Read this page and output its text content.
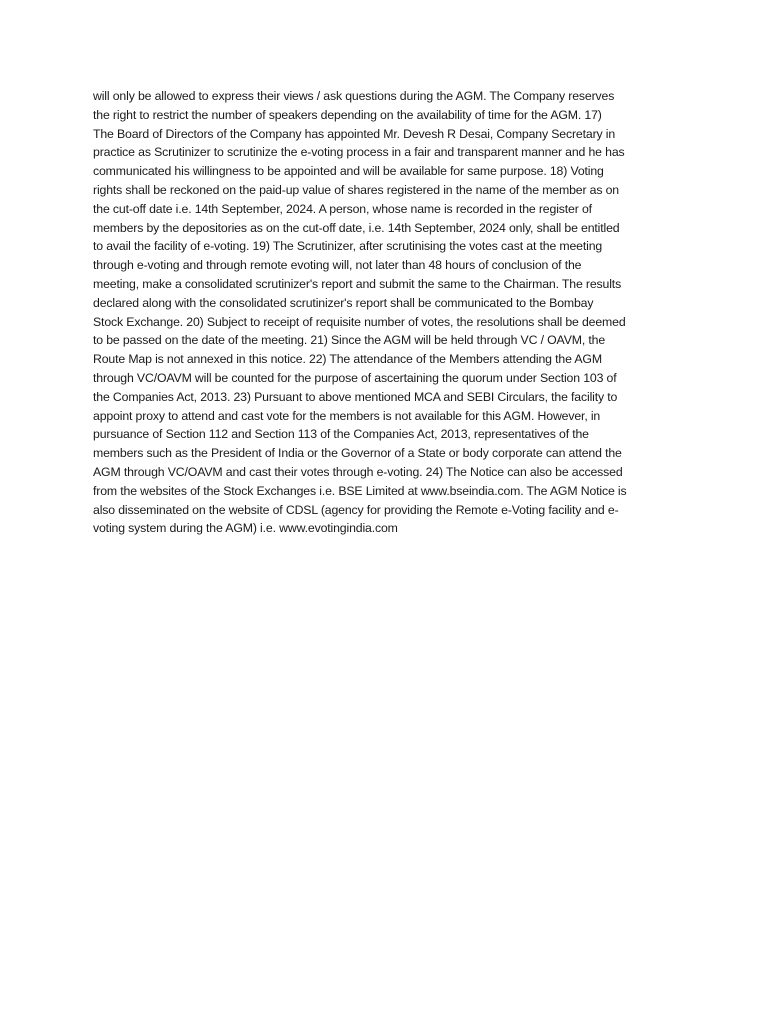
will only be allowed to express their views / ask questions during the AGM. The Company reserves
the right to restrict the number of speakers depending on the availability of time for the AGM. 17)
The Board of Directors of the Company has appointed Mr. Devesh R Desai, Company Secretary in
practice as Scrutinizer to scrutinize the e-voting process in a fair and transparent manner and he has
communicated his willingness to be appointed and will be available for same purpose. 18) Voting
rights shall be reckoned on the paid-up value of shares registered in the name of the member as on
the cut-off date i.e. 14th September, 2024. A person, whose name is recorded in the register of
members by the depositories as on the cut-off date, i.e. 14th September, 2024 only, shall be entitled
to avail the facility of e-voting. 19) The Scrutinizer, after scrutinising the votes cast at the meeting
through e-voting and through remote evoting will, not later than 48 hours of conclusion of the
meeting, make a consolidated scrutinizer's report and submit the same to the Chairman. The results
declared along with the consolidated scrutinizer's report shall be communicated to the Bombay
Stock Exchange. 20) Subject to receipt of requisite number of votes, the resolutions shall be deemed
to be passed on the date of the meeting. 21) Since the AGM will be held through VC / OAVM, the
Route Map is not annexed in this notice. 22) The attendance of the Members attending the AGM
through VC/OAVM will be counted for the purpose of ascertaining the quorum under Section 103 of
the Companies Act, 2013. 23) Pursuant to above mentioned MCA and SEBI Circulars, the facility to
appoint proxy to attend and cast vote for the members is not available for this AGM. However, in
pursuance of Section 112 and Section 113 of the Companies Act, 2013, representatives of the
members such as the President of India or the Governor of a State or body corporate can attend the
AGM through VC/OAVM and cast their votes through e-voting. 24) The Notice can also be accessed
from the websites of the Stock Exchanges i.e. BSE Limited at www.bseindia.com. The AGM Notice is
also disseminated on the website of CDSL (agency for providing the Remote e-Voting facility and e-
voting system during the AGM) i.e. www.evotingindia.com
